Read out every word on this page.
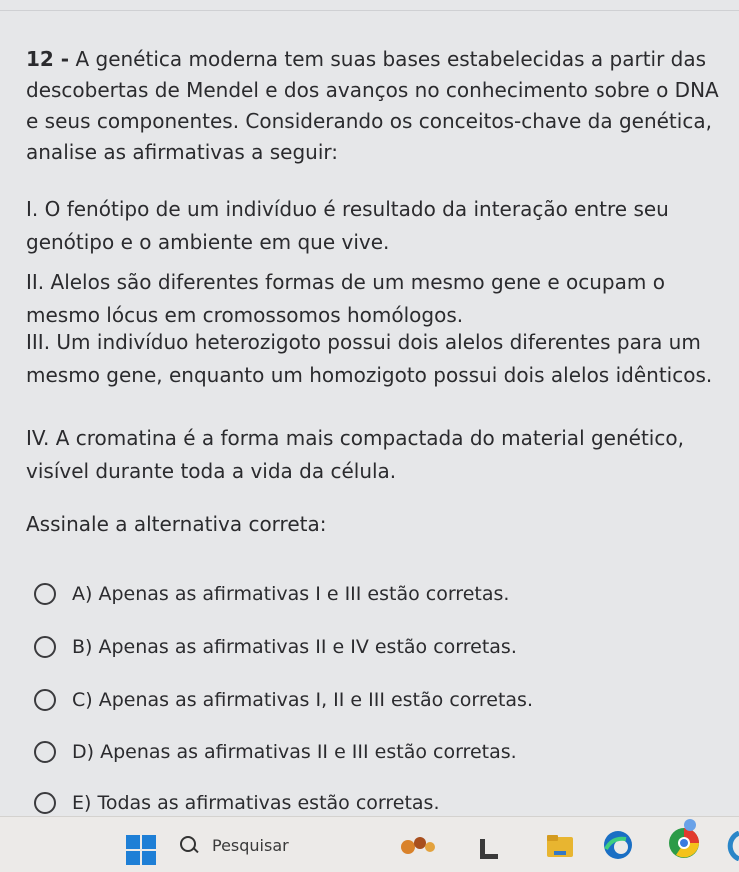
12 - A genética moderna tem suas bases estabelecidas a partir das descobertas de Mendel e dos avanços no conhecimento sobre o DNA e seus componentes. Considerando os conceitos-chave da genética, analise as afirmativas a seguir:

I. O fenótipo de um indivíduo é resultado da interação entre seu genótipo e o ambiente em que vive.

II. Alelos são diferentes formas de um mesmo gene e ocupam o mesmo lócus em cromossomos homólogos.

III. Um indivíduo heterozigoto possui dois alelos diferentes para um mesmo gene, enquanto um homozigoto possui dois alelos idênticos.

IV. A cromatina é a forma mais compactada do material genético, visível durante toda a vida da célula.

Assinale a alternativa correta:

A) Apenas as afirmativas I e III estão corretas.
B) Apenas as afirmativas II e IV estão corretas.
C) Apenas as afirmativas I, II e III estão corretas.
D) Apenas as afirmativas II e III estão corretas.
E) Todas as afirmativas estão corretas.
Pesquisar
